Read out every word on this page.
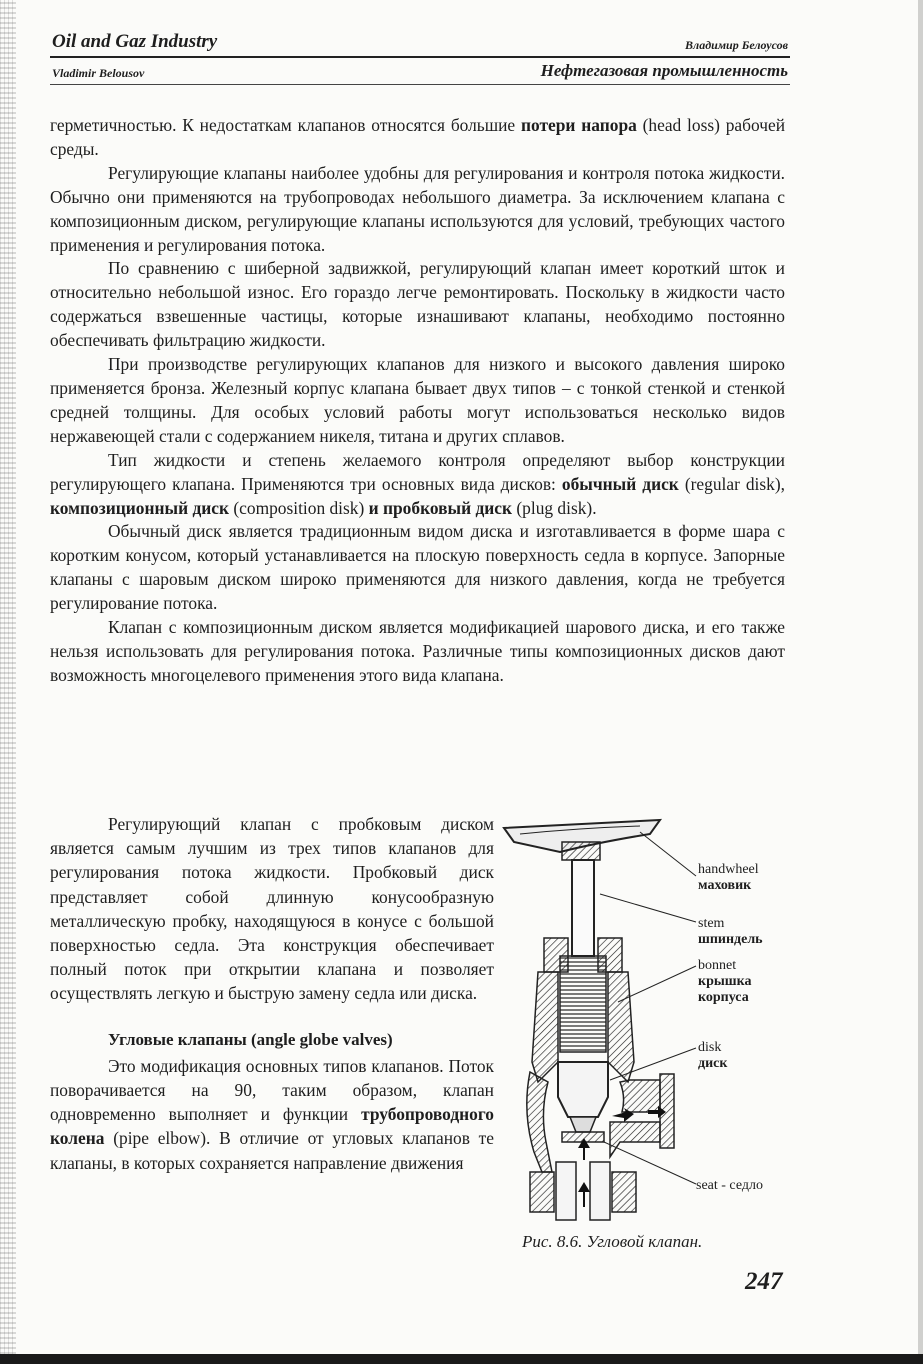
Oil and Gaz Industry	Владимир Белоусов
Vladimir Belousov	Нефтегазовая промышленность

герметичностью. К недостаткам клапанов относятся большие потери напора (head loss) рабочей среды.

Регулирующие клапаны наиболее удобны для регулирования и контроля потока жидкости. Обычно они применяются на трубопроводах небольшого диаметра. За исключением клапана с композиционным диском, регулирующие клапаны используются для условий, требующих частого применения и регулирования потока.

По сравнению с шиберной задвижкой, регулирующий клапан имеет короткий шток и относительно небольшой износ. Его гораздо легче ремонтировать. Поскольку в жидкости часто содержаться взвешенные частицы, которые изнашивают клапаны, необходимо постоянно обеспечивать фильтрацию жидкости.

При производстве регулирующих клапанов для низкого и высокого давления широко применяется бронза. Железный корпус клапана бывает двух типов – с тонкой стенкой и стенкой средней толщины. Для особых условий работы могут использоваться несколько видов нержавеющей стали с содержанием никеля, титана и других сплавов.

Тип жидкости и степень желаемого контроля определяют выбор конструкции регулирующего клапана. Применяются три основных вида дисков: обычный диск (regular disk), композиционный диск (composition disk) и пробковый диск (plug disk).

Обычный диск является традиционным видом диска и изготавливается в форме шара с коротким конусом, который устанавливается на плоскую поверхность седла в корпусе. Запорные клапаны с шаровым диском широко применяются для низкого давления, когда не требуется регулирование потока.

Клапан с композиционным диском является модификацией шарового диска, и его также нельзя использовать для регулирования потока. Различные типы композиционных дисков дают возможность многоцелевого применения этого вида клапана.

Регулирующий клапан с пробковым диском является самым лучшим из трех типов клапанов для регулирования потока жидкости. Пробковый диск представляет собой длинную конусообразную металлическую пробку, находящуюся в конусе с большой поверхностью седла. Эта конструкция обеспечивает полный поток при открытии клапана и позволяет осуществлять легкую и быструю замену седла или диска.

Угловые клапаны (angle globe valves)

Это модификация основных типов клапанов. Поток поворачивается на 90, таким образом, клапан одновременно выполняет и функции трубопроводного колена (pipe elbow). В отличие от угловых клапанов те клапаны, в которых сохраняется направление движения

handwheel
маховик
stem
шпиндель
bonnet
крышка
корпуса
disk
диск
seat - седло
Рис. 8.6. Угловой клапан.
247
